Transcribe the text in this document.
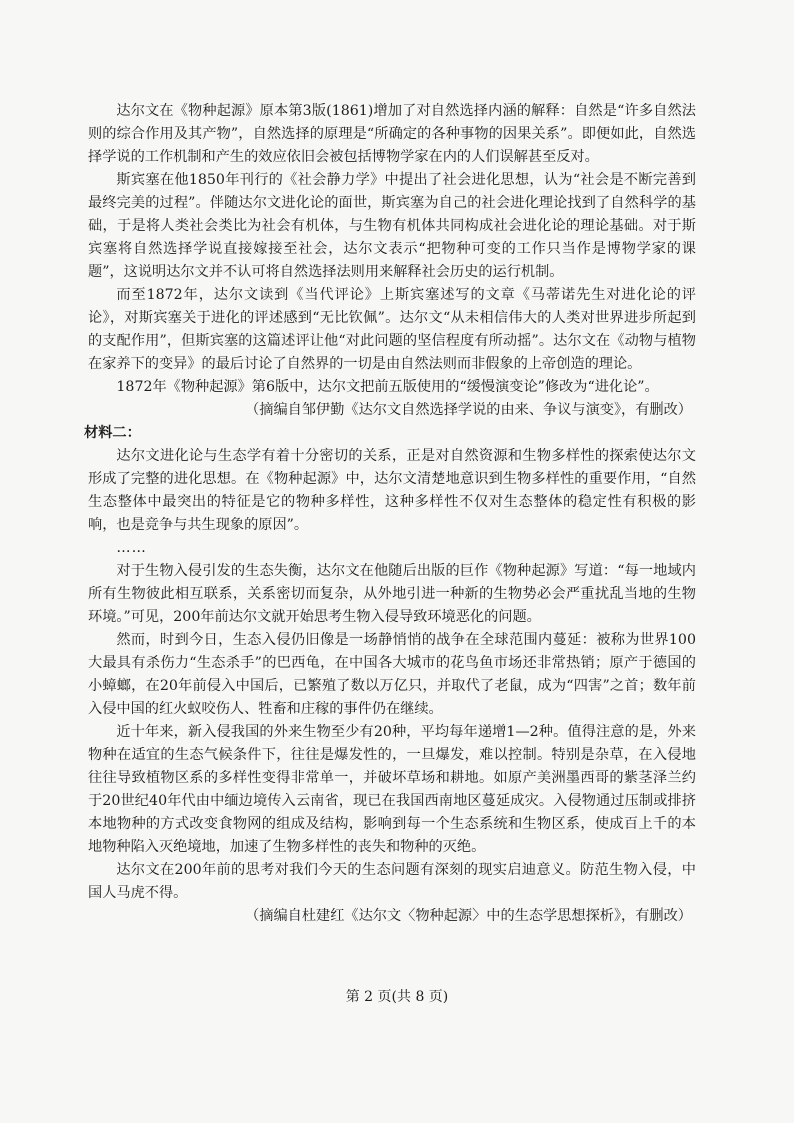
达尔文在《物种起源》原本第3版(1861)增加了对自然选择内涵的解释：自然是“许多自然法则的综合作用及其产物”，自然选择的原理是“所确定的各种事物的因果关系”。即便如此，自然选择学说的工作机制和产生的效应依旧会被包括博物学家在内的人们误解甚至反对。

斯宾塞在他1850年刊行的《社会静力学》中提出了社会进化思想，认为“社会是不断完善到最终完美的过程”。伴随达尔文进化论的面世，斯宾塞为自己的社会进化理论找到了自然科学的基础，于是将人类社会类比为社会有机体，与生物有机体共同构成社会进化论的理论基础。对于斯宾塞将自然选择学说直接嫁接至社会，达尔文表示“把物种可变的工作只当作是博物学家的课题”，这说明达尔文并不认可将自然选择法则用来解释社会历史的运行机制。

而至1872年，达尔文读到《当代评论》上斯宾塞述写的文章《马蒂诺先生对进化论的评论》，对斯宾塞关于进化的评述感到“无比钦佩”。达尔文“从未相信伟大的人类对世界进步所起到的支配作用”，但斯宾塞的这篇述评让他“对此问题的坚信程度有所动摇”。达尔文在《动物与植物在家养下的变异》的最后讨论了自然界的一切是由自然法则而非假象的上帝创造的理论。

1872年《物种起源》第6版中，达尔文把前五版使用的“缓慢演变论”修改为“进化论”。

（摘编自邹伊勤《达尔文自然选择学说的由来、争议与演变》，有删改）

材料二：

达尔文进化论与生态学有着十分密切的关系，正是对自然资源和生物多样性的探索使达尔文形成了完整的进化思想。在《物种起源》中，达尔文清楚地意识到生物多样性的重要作用，“自然生态整体中最突出的特征是它的物种多样性，这种多样性不仅对生态整体的稳定性有积极的影响，也是竞争与共生现象的原因”。

……

对于生物入侵引发的生态失衡，达尔文在他随后出版的巨作《物种起源》写道：“每一地域内所有生物彼此相互联系，关系密切而复杂，从外地引进一种新的生物势必会严重扰乱当地的生物环境。”可见，200年前达尔文就开始思考生物入侵导致环境恶化的问题。

然而，时到今日，生态入侵仍旧像是一场静悄悄的战争在全球范围内蔓延：被称为世界100大最具有杀伤力“生态杀手”的巴西龟，在中国各大城市的花鸟鱼市场还非常热销；原产于德国的小蟑螂，在20年前侵入中国后，已繁殖了数以万亿只，并取代了老鼠，成为“四害”之首；数年前入侵中国的红火蚁咬伤人、牲畜和庄稼的事件仍在继续。

近十年来，新入侵我国的外来生物至少有20种，平均每年递增1—2种。值得注意的是，外来物种在适宜的生态气候条件下，往往是爆发性的，一旦爆发，难以控制。特别是杂草，在入侵地往往导致植物区系的多样性变得非常单一，并破坏草场和耕地。如原产美洲墨西哥的紫茎泽兰约于20世纪40年代由中缅边境传入云南省，现已在我国西南地区蔓延成灾。入侵物通过压制或排挤本地物种的方式改变食物网的组成及结构，影响到每一个生态系统和生物区系，使成百上千的本地物种陷入灭绝境地，加速了生物多样性的丧失和物种的灭绝。

达尔文在200年前的思考对我们今天的生态问题有深刻的现实启迪意义。防范生物入侵，中国人马虎不得。

（摘编自杜建红《达尔文〈物种起源〉中的生态学思想探析》，有删改）

第 2 页(共 8 页)
